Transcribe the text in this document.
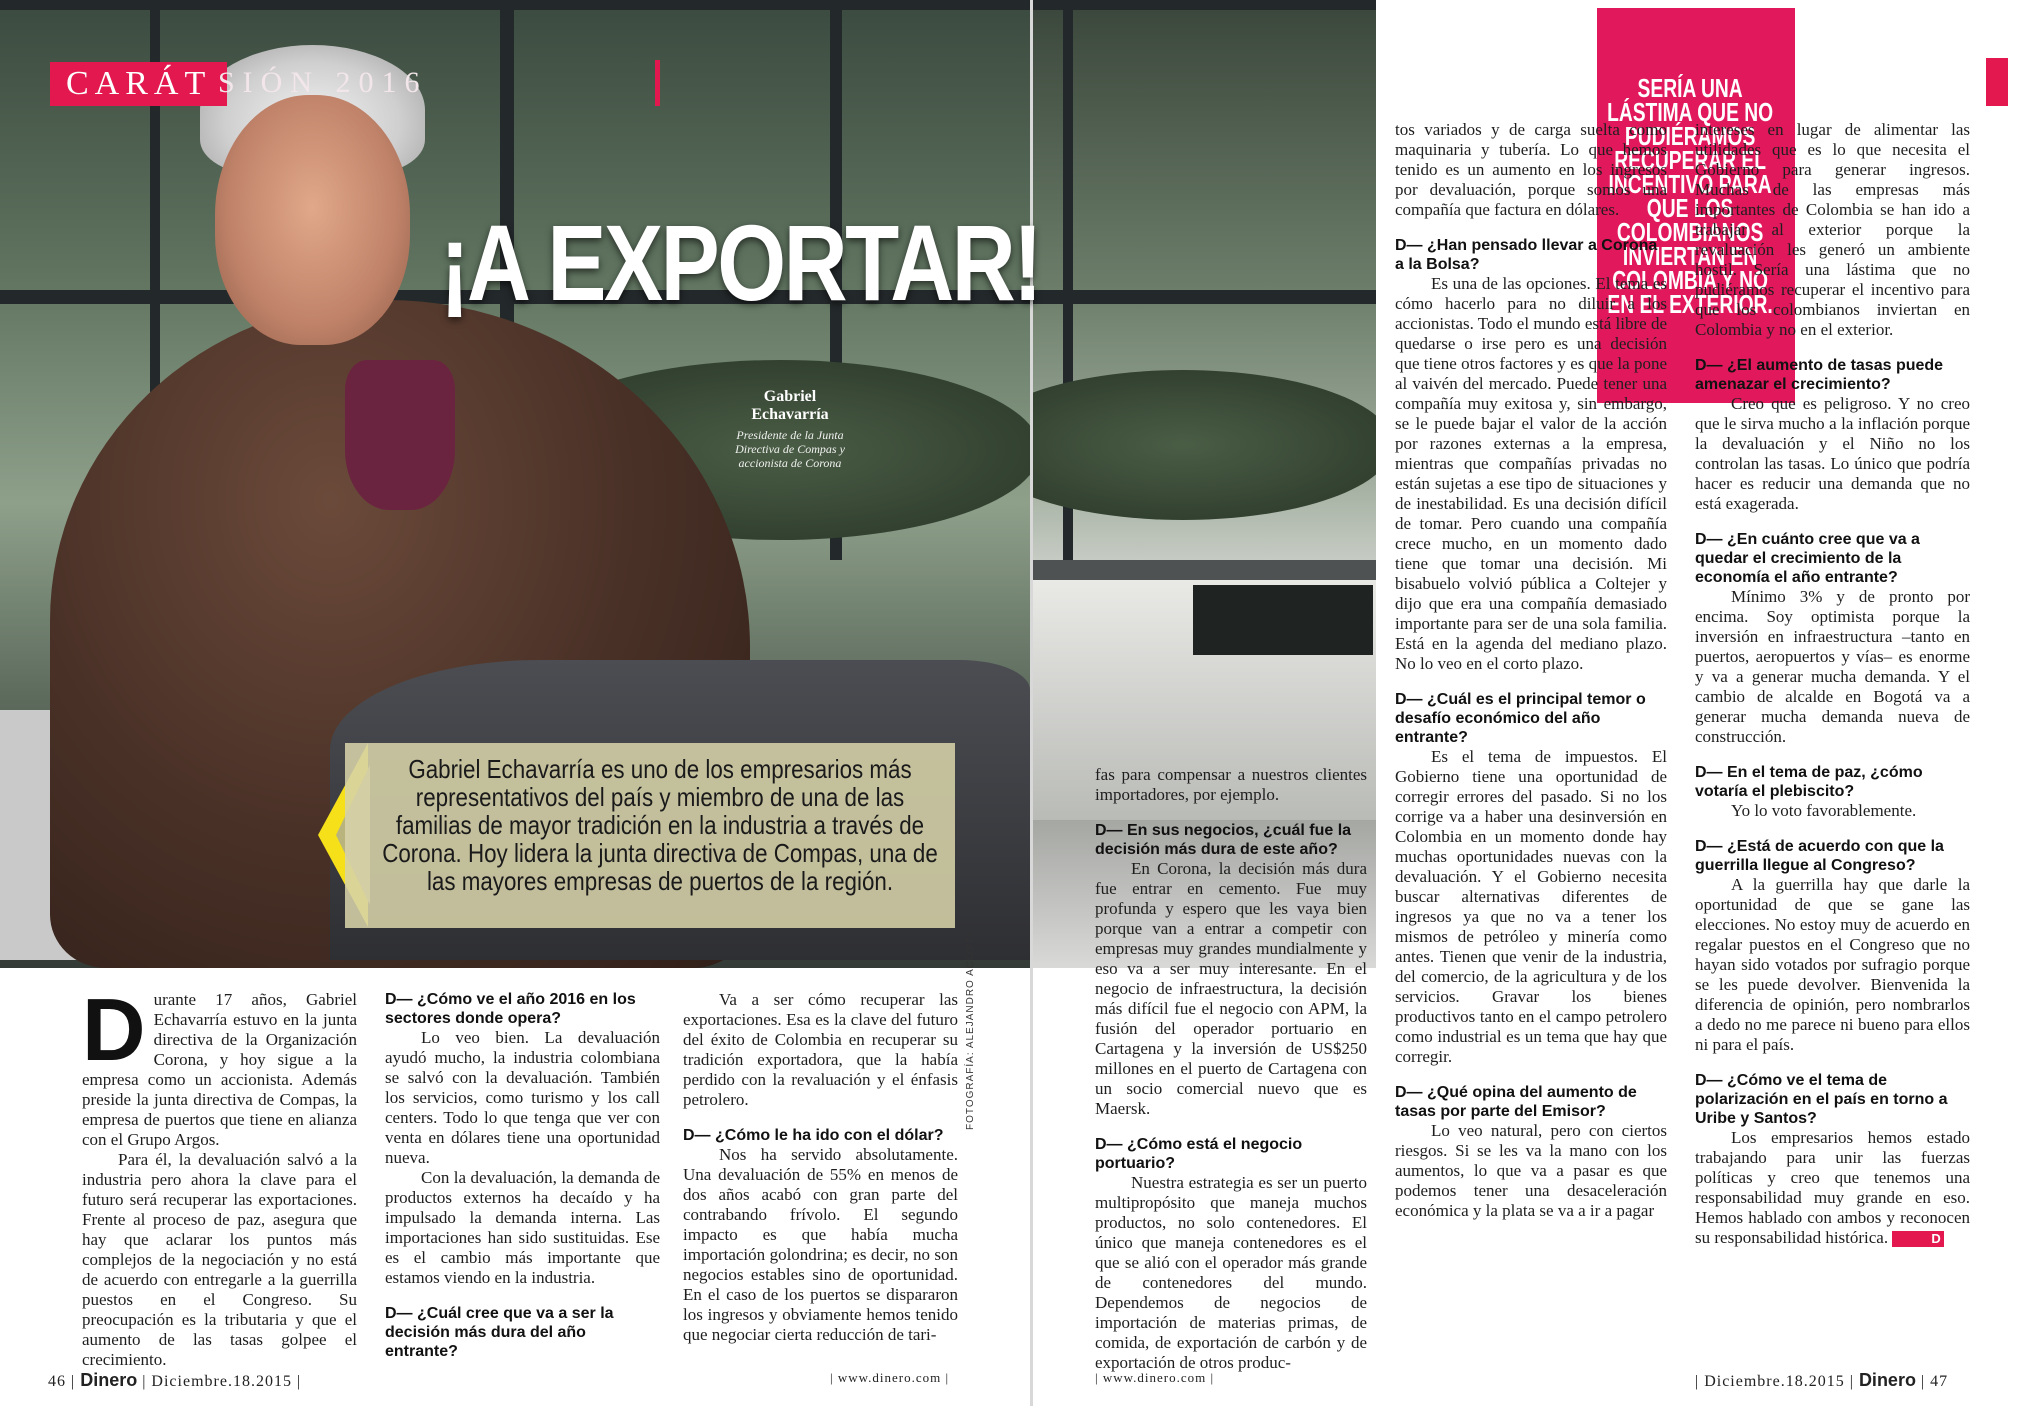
CARÁT SIÓN 2016
¡A EXPORTAR!
Gabriel Echavarría
Presidente de la Junta Directiva de Compas y accionista de Corona
Gabriel Echavarría es uno de los empresarios más representativos del país y miembro de una de las familias de mayor tradición en la industria a través de Corona. Hoy lidera la junta directiva de Compas, una de las mayores empresas de puertos de la región.
SERÍA UNA LÁSTIMA QUE NO PUDIÉRAMOS RECUPERAR EL INCENTIVO PARA QUE LOS COLOMBIANOS INVIERTAN EN COLOMBIA Y NO EN EL EXTERIOR.
D urante 17 años, Gabriel Echavarría estuvo en la junta directiva de la Organización Corona, y hoy sigue a la empresa como un accionista. Además preside la junta directiva de Compas, la empresa de puertos que tiene en alianza con el Grupo Argos.

Para él, la devaluación salvó a la industria pero ahora la clave para el futuro será recuperar las exportaciones. Frente al proceso de paz, asegura que hay que aclarar los puntos más complejos de la negociación y no está de acuerdo con entregarle a la guerrilla puestos en el Congreso. Su preocupación es la tributaria y que el aumento de las tasas golpee el crecimiento.

D— ¿Cómo ve el año 2016 en los sectores donde opera?

Lo veo bien. La devaluación ayudó mucho, la industria colombiana se salvó con la devaluación. También los servicios, como turismo y los call centers. Todo lo que tenga que ver con venta en dólares tiene una oportunidad nueva.

Con la devaluación, la demanda de productos externos ha decaído y ha impulsado la demanda interna. Las importaciones han sido sustituidas. Ese es el cambio más importante que estamos viendo en la industria.

D— ¿Cuál cree que va a ser la decisión más dura del año entrante?

Va a ser cómo recuperar las exportaciones. Esa es la clave del futuro del éxito de Colombia en recuperar su tradición exportadora, que la había perdido con la revaluación y el énfasis petrolero.

D— ¿Cómo le ha ido con el dólar?

Nos ha servido absolutamente. Una devaluación de 55% en menos de dos años acabó con gran parte del contrabando frívolo. El segundo impacto es que había mucha importación golondrina; es decir, no son negocios estables sino de oportunidad. En el caso de los puertos se dispararon los ingresos y obviamente hemos tenido que negociar cierta reducción de tari-

FOTOGRAFÍA: ALEJANDRO ACOSTA

fas para compensar a nuestros clientes importadores, por ejemplo.

D— En sus negocios, ¿cuál fue la decisión más dura de este año?

En Corona, la decisión más dura fue entrar en cemento. Fue muy profunda y espero que les vaya bien porque van a entrar a competir con empresas muy grandes mundialmente y eso va a ser muy interesante. En el negocio de infraestructura, la decisión más difícil fue el negocio con APM, la fusión del operador portuario en Cartagena y la inversión de US$250 millones en el puerto de Cartagena con un socio comercial nuevo que es Maersk.

D— ¿Cómo está el negocio portuario?

Nuestra estrategia es ser un puerto multipropósito que maneja muchos productos, no solo contenedores. El único que maneja contenedores es el que se alió con el operador más grande de contenedores del mundo. Dependemos de negocios de importación de materias primas, de comida, de exportación de carbón y de exportación de otros produc-

tos variados y de carga suelta como maquinaria y tubería. Lo que hemos tenido es un aumento en los ingresos por devaluación, porque somos una compañía que factura en dólares.

D— ¿Han pensado llevar a Corona a la Bolsa?

Es una de las opciones. El tema es cómo hacerlo para no diluir a los accionistas. Todo el mundo está libre de quedarse o irse pero es una decisión que tiene otros factores y es que la pone al vaivén del mercado. Puede tener una compañía muy exitosa y, sin embargo, se le puede bajar el valor de la acción por razones externas a la empresa, mientras que compañías privadas no están sujetas a ese tipo de situaciones y de inestabilidad. Es una decisión difícil de tomar. Pero cuando una compañía crece mucho, en un momento dado tiene que tomar una decisión. Mi bisabuelo volvió pública a Coltejer y dijo que era una compañía demasiado importante para ser de una sola familia. Está en la agenda del mediano plazo. No lo veo en el corto plazo.

D— ¿Cuál es el principal temor o desafío económico del año entrante?

Es el tema de impuestos. El Gobierno tiene una oportunidad de corregir errores del pasado. Si no los corrige va a haber una desinversión en Colombia en un momento donde hay muchas oportunidades nuevas con la devaluación. Y el Gobierno necesita buscar alternativas diferentes de ingresos ya que no va a tener los mismos de petróleo y minería como antes. Tienen que venir de la industria, del comercio, de la agricultura y de los servicios. Gravar los bienes productivos tanto en el campo petrolero como industrial es un tema que hay que corregir.

D— ¿Qué opina del aumento de tasas por parte del Emisor?

Lo veo natural, pero con ciertos riesgos. Si se les va la mano con los aumentos, lo que va a pasar es que podemos tener una desaceleración económica y la plata se va a ir a pagar

intereses en lugar de alimentar las utilidades que es lo que necesita el Gobierno para generar ingresos. Muchas de las empresas más importantes de Colombia se han ido a trabajar al exterior porque la revaluación les generó un ambiente hostil. Sería una lástima que no pudiéramos recuperar el incentivo para que los colombianos inviertan en Colombia y no en el exterior.

D— ¿El aumento de tasas puede amenazar el crecimiento?

Creo que es peligroso. Y no creo que le sirva mucho a la inflación porque la devaluación y el Niño no los controlan las tasas. Lo único que podría hacer es reducir una demanda que no está exagerada.

D— ¿En cuánto cree que va a quedar el crecimiento de la economía el año entrante?

Mínimo 3% y de pronto por encima. Soy optimista porque la inversión en infraestructura –tanto en puertos, aeropuertos y vías– es enorme y va a generar mucha demanda. Y el cambio de alcalde en Bogotá va a generar mucha demanda nueva de construcción.

D— En el tema de paz, ¿cómo votaría el plebiscito?

Yo lo voto favorablemente.

D— ¿Está de acuerdo con que la guerrilla llegue al Congreso?

A la guerrilla hay que darle la oportunidad de que se gane las elecciones. No estoy muy de acuerdo en regalar puestos en el Congreso que no hayan sido votados por sufragio porque se les puede devolver. Bienvenida la diferencia de opinión, pero nombrarlos a dedo no me parece ni bueno para ellos ni para el país.

D— ¿Cómo ve el tema de polarización en el país en torno a Uribe y Santos?

Los empresarios hemos estado trabajando para unir las fuerzas políticas y creo que tenemos una responsabilidad muy grande en eso. Hemos hablado con ambos y reconocen su responsabilidad histórica.	D

46 | Dinero | Diciembre.18.2015 |	| www.dinero.com |	| www.dinero.com |	| Diciembre.18.2015 | Dinero | 47
